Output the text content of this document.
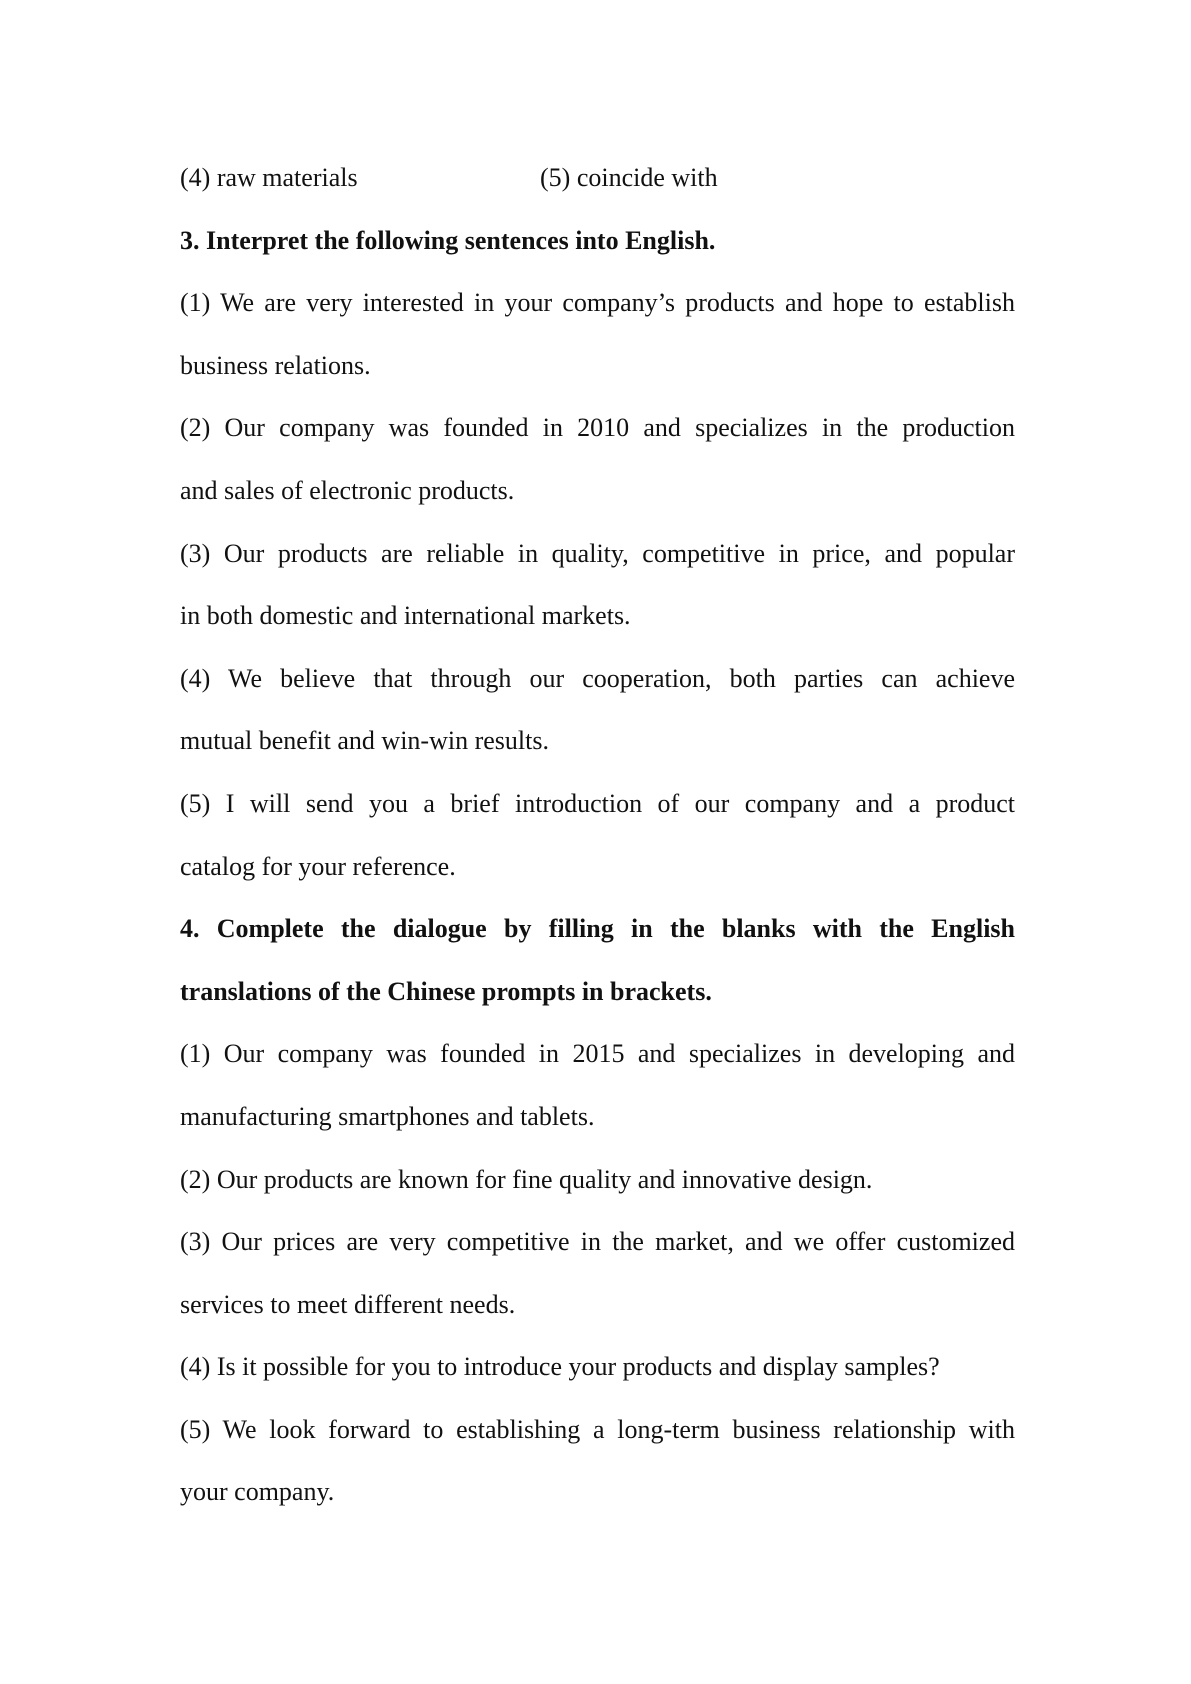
(4) raw materials	(5) coincide with
3. Interpret the following sentences into English.
(1) We are very interested in your company’s products and hope to establish
business relations.
(2) Our company was founded in 2010 and specializes in the production
and sales of electronic products.
(3) Our products are reliable in quality, competitive in price, and popular
in both domestic and international markets.
(4) We believe that through our cooperation, both parties can achieve
mutual benefit and win-win results.
(5) I will send you a brief introduction of our company and a product
catalog for your reference.
4. Complete the dialogue by filling in the blanks with the English
translations of the Chinese prompts in brackets.
(1) Our company was founded in 2015 and specializes in developing and
manufacturing smartphones and tablets.
(2) Our products are known for fine quality and innovative design.
(3) Our prices are very competitive in the market, and we offer customized
services to meet different needs.
(4) Is it possible for you to introduce your products and display samples?
(5) We look forward to establishing a long-term business relationship with
your company.
